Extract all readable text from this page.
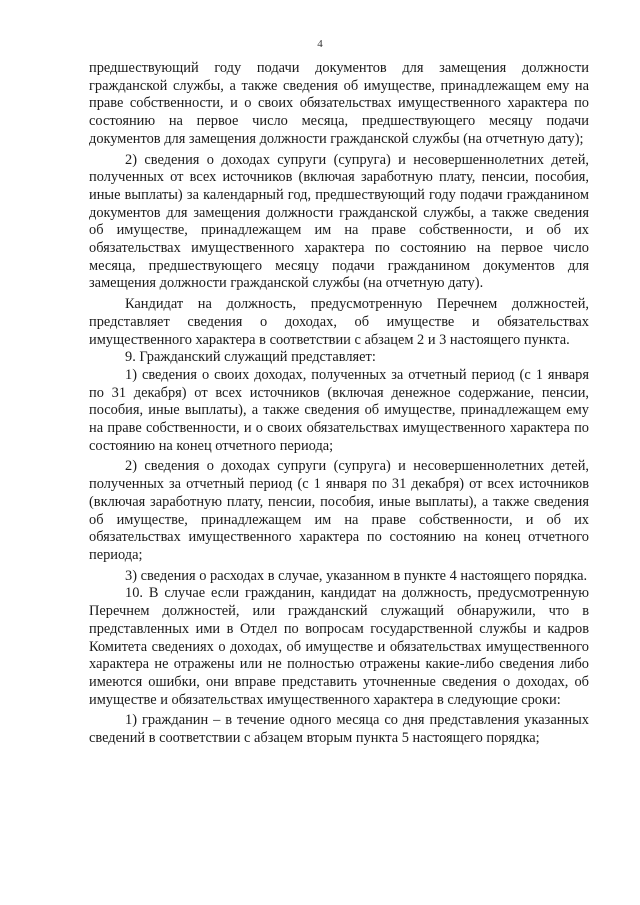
4

предшествующий году подачи документов для замещения должности гражданской службы, а также сведения об имуществе, принадлежащем ему на праве собственности, и о своих обязательствах имущественного характера по состоянию на первое число месяца, предшествующего месяцу подачи документов для замещения должности гражданской службы (на отчетную дату);

2) сведения о доходах супруги (супруга) и несовершеннолетних детей, полученных от всех источников (включая заработную плату, пенсии, пособия, иные выплаты) за календарный год, предшествующий году подачи гражданином документов для замещения должности гражданской службы, а также сведения об имуществе, принадлежащем им на праве собственности, и об их обязательствах имущественного характера по состоянию на первое число месяца, предшествующего месяцу подачи гражданином документов для замещения должности гражданской службы (на отчетную дату).

Кандидат на должность, предусмотренную Перечнем должностей, представляет сведения о доходах, об имуществе и обязательствах имущественного характера в соответствии с абзацем 2 и 3 настоящего пункта.

9. Гражданский служащий представляет:

1) сведения о своих доходах, полученных за отчетный период (с 1 января по 31 декабря) от всех источников (включая денежное содержание, пенсии, пособия, иные выплаты), а также сведения об имуществе, принадлежащем ему на праве собственности, и о своих обязательствах имущественного характера по состоянию на конец отчетного периода;

2) сведения о доходах супруги (супруга) и несовершеннолетних детей, полученных за отчетный период (с 1 января по 31 декабря) от всех источников (включая заработную плату, пенсии, пособия, иные выплаты), а также сведения об имуществе, принадлежащем им на праве собственности, и об их обязательствах имущественного характера по состоянию на конец отчетного периода;

3) сведения о расходах в случае, указанном в пункте 4 настоящего порядка.

10. В случае если гражданин, кандидат на должность, предусмотренную Перечнем должностей, или гражданский служащий обнаружили, что в представленных ими в Отдел по вопросам государственной службы и кадров Комитета сведениях о доходах, об имуществе и обязательствах имущественного характера не отражены или не полностью отражены какие-либо сведения либо имеются ошибки, они вправе представить уточненные сведения о доходах, об имуществе и обязательствах имущественного характера в следующие сроки:

1) гражданин – в течение одного месяца со дня представления указанных сведений в соответствии с абзацем вторым пункта 5 настоящего порядка;
